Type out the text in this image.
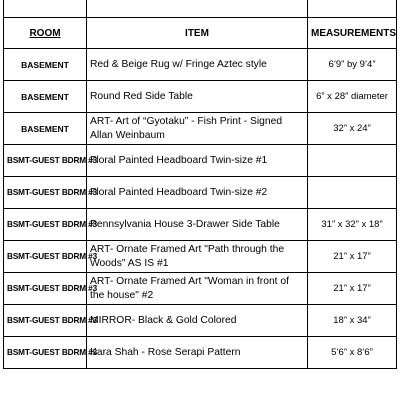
ROOM	ITEM	MEASUREMENTS
BASEMENT	Red & Beige Rug w/ Fringe Aztec style	6’9” by 9’4”
BASEMENT	Round Red Side Table	6” x 28” diameter
BASEMENT	ART- Art of “Gyotaku” - Fish Print - Signed Allan Weinbaum	32” x 24”
BSMT-GUEST BDRM #3	Floral Painted Headboard Twin-size #1	
BSMT-GUEST BDRM #3	Floral Painted Headboard Twin-size #2	
BSMT-GUEST BDRM #3	Pennsylvania House 3-Drawer Side Table	31” x 32” x 18”
BSMT-GUEST BDRM #3	ART- Ornate Framed Art "Path through the Woods" AS IS #1	21” x 17”
BSMT-GUEST BDRM #3	ART- Ornate Framed Art "Woman in front of the house" #2	21” x 17”
BSMT-GUEST BDRM #3	MIRROR- Black & Gold Colored	18” x 34”
BSMT-GUEST BDRM #3	Kara Shah - Rose Serapi Pattern	5’6” x 8’6”
